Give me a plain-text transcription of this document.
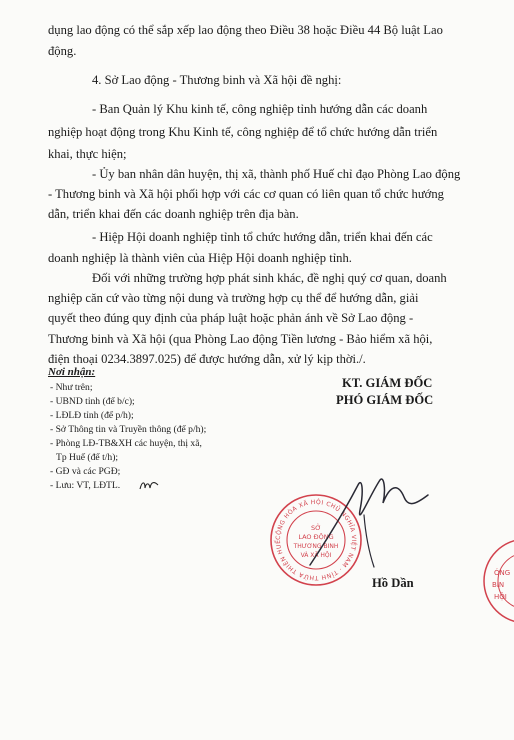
dụng lao động có thể sắp xếp lao động theo Điều 38 hoặc Điều 44 Bộ luật Lao
động.
4. Sở Lao động - Thương binh và Xã hội đề nghị:
- Ban Quản lý Khu kinh tế, công nghiệp tỉnh hướng dẫn các doanh
nghiệp hoạt động trong Khu Kinh tế, công nghiệp để tổ chức hướng dẫn triển
khai, thực hiện;
- Ủy ban nhân dân huyện, thị xã, thành phố Huế chỉ đạo Phòng Lao động
- Thương binh và Xã hội phối hợp với các cơ quan có liên quan tổ chức hướng
dẫn, triển khai đến các doanh nghiệp trên địa bàn.
- Hiệp Hội doanh nghiệp tỉnh tổ chức hướng dẫn, triển khai đến các
doanh nghiệp là thành viên của Hiệp Hội doanh nghiệp tỉnh.
Đối với những trường hợp phát sinh khác, đề nghị quý cơ quan, doanh
nghiệp căn cứ vào từng nội dung và trường hợp cụ thể để hướng dẫn, giải
quyết theo đúng quy định của pháp luật hoặc phản ánh về Sở Lao động -
Thương binh và Xã hội (qua Phòng Lao động Tiền lương - Bảo hiểm xã hội,
điện thoại 0234.3897.025) để được hướng dẫn, xử lý kịp thời./.
Nơi nhận:
- Như trên;
- UBND tỉnh (để b/c);
- LĐLĐ tỉnh (để p/h);
- Sở Thông tin và Truyền thông (để p/h);
- Phòng LĐ-TB&XH các huyện, thị xã,
Tp Huế (để t/h);
- GĐ và các PGĐ;
- Lưu: VT, LĐTL.
KT. GIÁM ĐỐC
PHÓ GIÁM ĐỐC
CỘNG HÒA XÃ HỘI CHỦ NGHĨA VIỆT NAM · TỈNH THỪA THIÊN HUẾ
SỞ
LAO ĐỘNG
THƯƠNG BINH
VÀ XÃ HỘI
Hồ Dần
ÓNG
BIN
HỘI
